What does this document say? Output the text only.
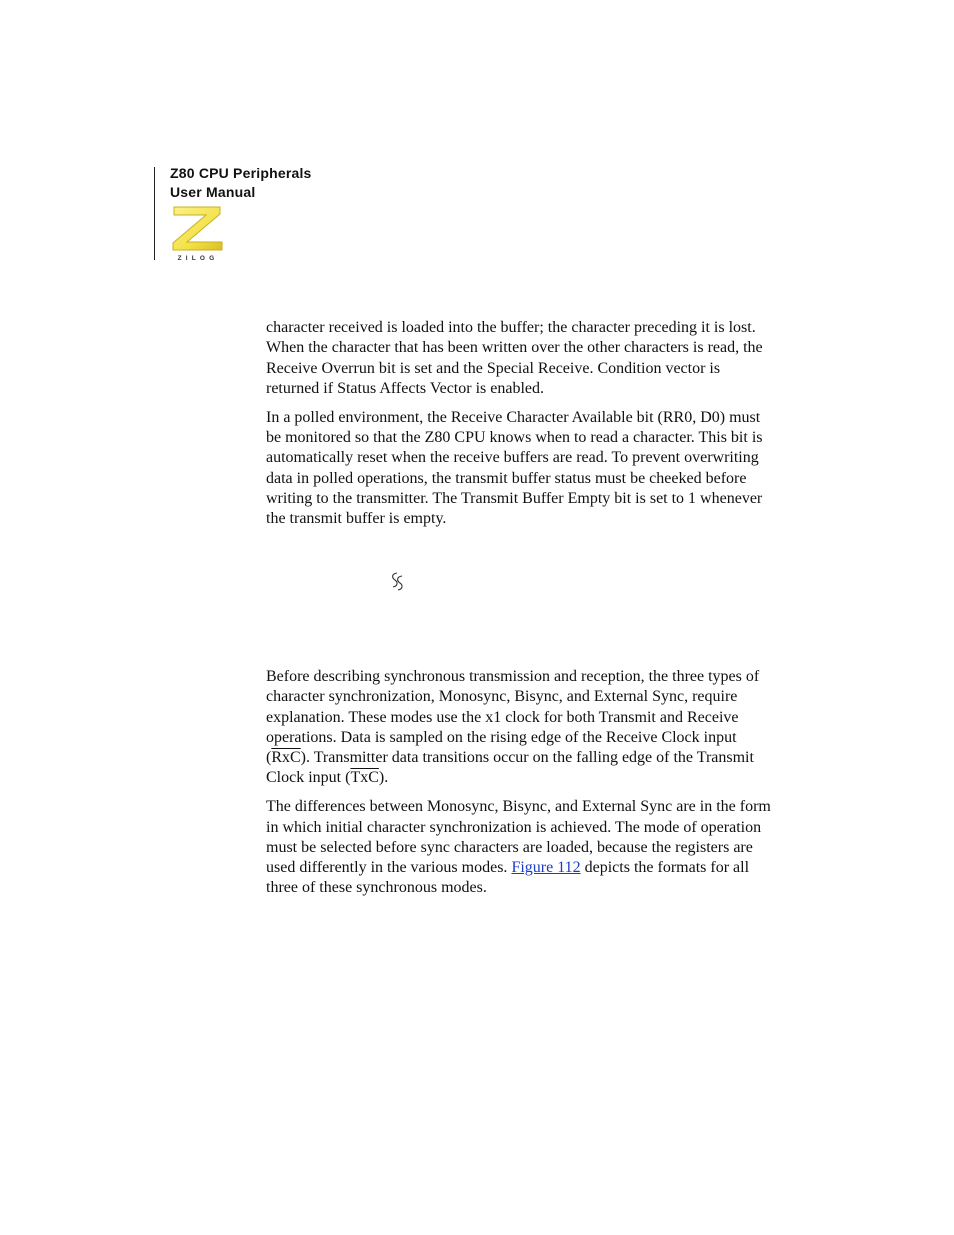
Z80 CPU Peripherals
User Manual
ZILOG

character received is loaded into the buffer; the character preceding it is lost. When the character that has been written over the other characters is read, the Receive Overrun bit is set and the Special Receive. Condition vector is returned if Status Affects Vector is enabled.

In a polled environment, the Receive Character Available bit (RR0, D0) must be monitored so that the Z80 CPU knows when to read a character. This bit is automatically reset when the receive buffers are read. To prevent overwriting data in polled operations, the transmit buffer status must be cheeked before writing to the transmitter. The Transmit Buffer Empty bit is set to 1 whenever the transmit buffer is empty.

Before describing synchronous transmission and reception, the three types of character synchronization, Monosync, Bisync, and External Sync, require explanation. These modes use the x1 clock for both Transmit and Receive operations. Data is sampled on the rising edge of the Receive Clock input $(\overline{RxC})$. Transmitter data transitions occur on the falling edge of the Transmit Clock input $(\overline{TxC})$.

The differences between Monosync, Bisync, and External Sync are in the form in which initial character synchronization is achieved. The mode of operation must be selected before sync characters are loaded, because the registers are used differently in the various modes. Figure 112 depicts the formats for all three of these synchronous modes.
